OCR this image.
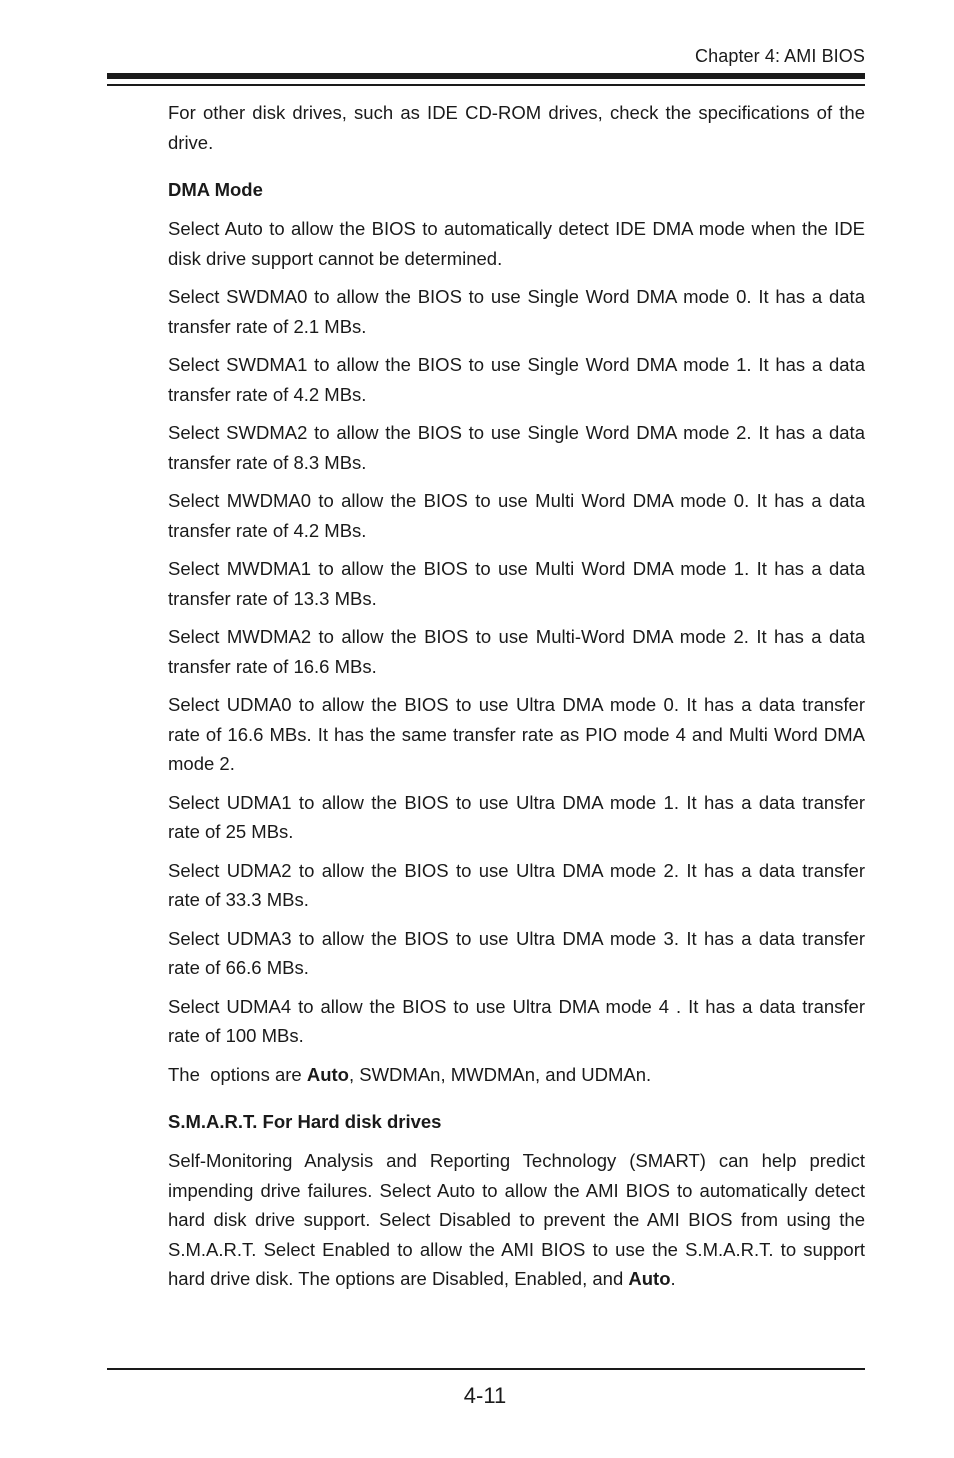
Chapter 4: AMI BIOS

For other disk drives, such as IDE CD-ROM drives, check the specifications of the drive.

DMA Mode

Select Auto to allow the BIOS to automatically detect IDE DMA mode when the IDE disk drive support cannot be determined.

Select SWDMA0 to allow the BIOS to use Single Word DMA mode 0. It has a data transfer rate of 2.1 MBs.

Select SWDMA1 to allow the BIOS to use Single Word DMA mode 1. It has a data transfer rate of 4.2 MBs.

Select SWDMA2 to allow the BIOS to use Single Word DMA mode 2. It has a data transfer rate of 8.3 MBs.

Select MWDMA0 to allow the BIOS to use Multi Word DMA mode 0. It has a data transfer rate of 4.2 MBs.

Select MWDMA1 to allow the BIOS to use Multi Word DMA mode 1. It has a data transfer rate of 13.3 MBs.

Select MWDMA2 to allow the BIOS to use Multi-Word DMA mode 2. It has a data transfer rate of 16.6 MBs.

Select UDMA0 to allow the BIOS to use Ultra DMA mode 0. It has a data transfer rate of 16.6 MBs. It has the same transfer rate as PIO mode 4 and Multi Word DMA mode 2.

Select UDMA1 to allow the BIOS to use Ultra DMA mode 1. It has a data transfer rate of 25 MBs.

Select UDMA2 to allow the BIOS to use Ultra DMA mode 2. It has a data transfer rate of 33.3 MBs.

Select UDMA3 to allow the BIOS to use Ultra DMA mode 3. It has a data transfer rate of 66.6 MBs.

Select UDMA4 to allow the BIOS to use Ultra DMA mode 4 . It has a data transfer rate of 100 MBs.

The  options are Auto, SWDMAn, MWDMAn, and UDMAn.

S.M.A.R.T. For Hard disk drives

Self-Monitoring Analysis and Reporting Technology (SMART) can help predict impending drive failures. Select Auto to allow the AMI BIOS to automatically detect hard disk drive support. Select Disabled to prevent the AMI BIOS from using the S.M.A.R.T. Select Enabled to allow the AMI BIOS to use the S.M.A.R.T. to support hard drive disk. The options are Disabled, Enabled, and Auto.

4-11
